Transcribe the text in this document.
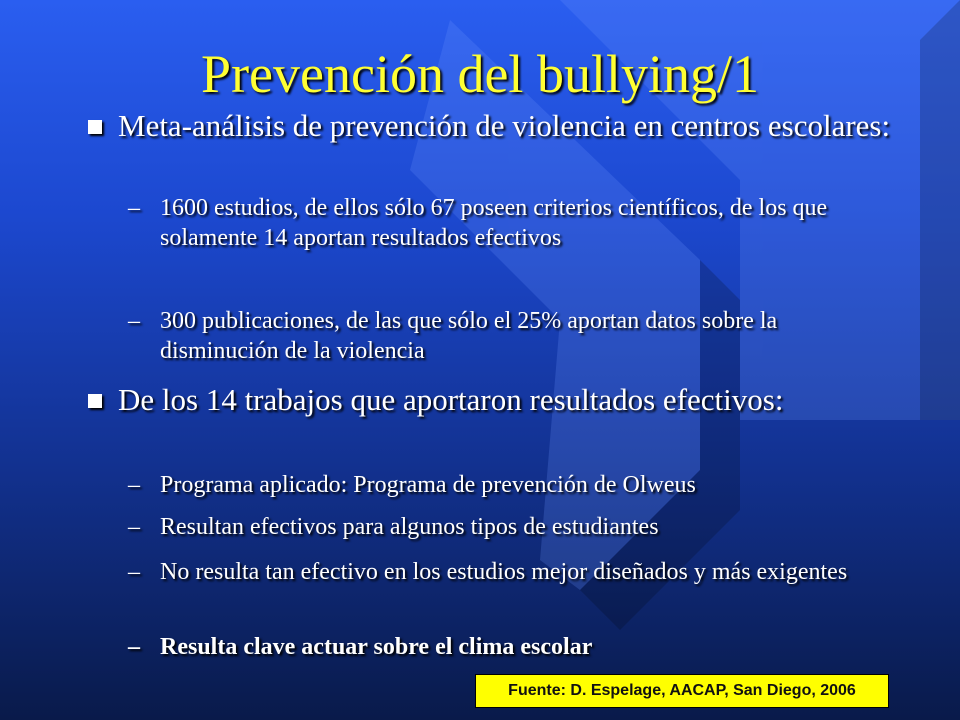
Prevención del bullying/1
Meta-análisis de prevención de violencia en centros escolares:
– 1600 estudios, de ellos sólo 67 poseen criterios científicos, de los que solamente 14 aportan resultados efectivos
– 300 publicaciones, de las que sólo el 25% aportan datos sobre la disminución de la violencia
De los 14 trabajos que aportaron resultados efectivos:
– Programa aplicado: Programa de prevención de Olweus
– Resultan efectivos para algunos tipos de estudiantes
– No resulta tan efectivo en los estudios mejor diseñados y más exigentes
– Resulta clave actuar sobre el clima escolar
Fuente: D. Espelage, AACAP, San Diego, 2006
